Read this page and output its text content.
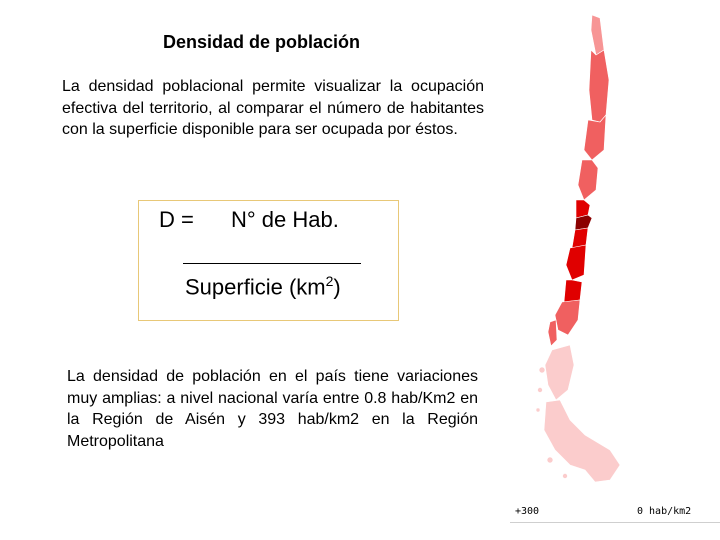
Densidad de población

La densidad poblacional permite visualizar la ocupación efectiva del territorio, al comparar el número de habitantes con la superficie disponible para ser ocupada por éstos.

D = N° de Hab.
Superficie $(km^2)$

La densidad de población en el país tiene variaciones muy amplias: a nivel nacional varía entre 0.8 hab/Km2 en la Región de Aisén y 393 hab/km2 en la Región Metropolitana

+300	0 hab/km2
